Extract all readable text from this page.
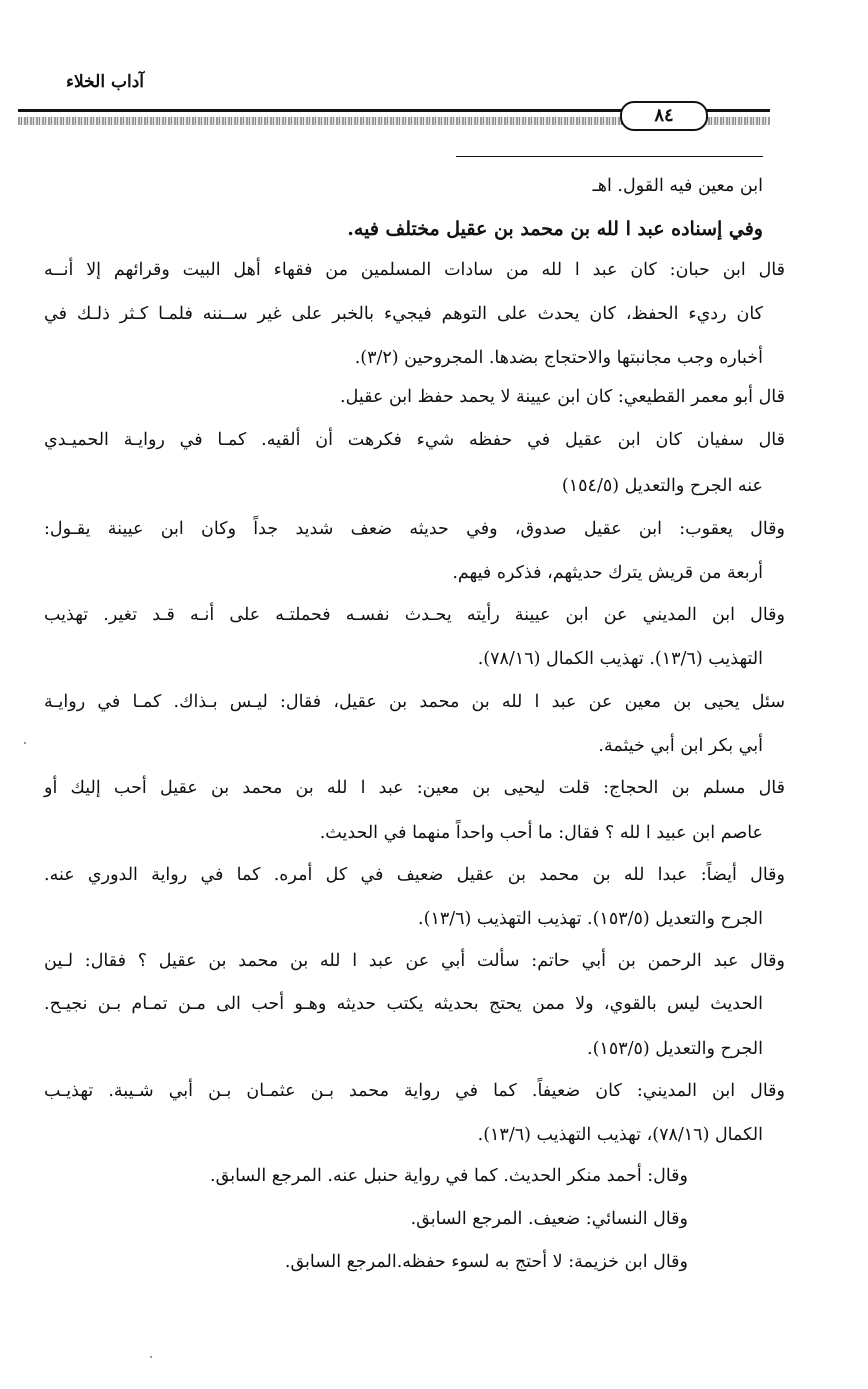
آداب الخلاء
٨٤
ابن معين فيه القول. اهـ
وفي إسناده عبد ا لله بن محمد بن عقيل مختلف فيه.
قال ابن حبان: كان عبد ا لله من سادات المسلمين من فقهاء أهل البيت وقرائهم إلا أنــه
كان رديء الحفظ، كان يحدث على التوهم فيجيء بالخبر على غير ســننه فلمـا كـثر ذلـك في
أخباره وجب مجانبتها والاحتجاج بضدها. المجروحين (٣/٢).
قال أبو معمر القطيعي: كان ابن عيينة لا يحمد حفظ ابن عقيل.
قال سفيان كان ابن عقيل في حفظه شيء فكرهت أن ألقيه. كمـا في روايـة الحميـدي
عنه الجرح والتعديل (١٥٤/٥)
وقال يعقوب: ابن عقيل صدوق، وفي حديثه ضعف شديد جداً وكان ابن عيينة يقـول:
أربعة من قريش يترك حديثهم، فذكره فيهم.
وقال ابن المديني عن ابن عيينة رأيته يحـدث نفسـه فحملتـه على أنـه قـد تغير. تهذيب
التهذيب (١٣/٦). تهذيب الكمال (٧٨/١٦).
سئل يحيى بن معين عن عبد ا لله بن محمد بن عقيل، فقال: ليـس بـذاك. كمـا في روايـة
أبي بكر ابن أبي خيثمة.
قال مسلم بن الحجاج: قلت ليحيى بن معين: عبد ا لله بن محمد بن عقيل أحب إليك أو
عاصم ابن عبيد ا لله ؟ فقال: ما أحب واحداً منهما في الحديث.
وقال أيضاً: عبدا لله بن محمد بن عقيل ضعيف في كل أمره. كما في رواية الدوري عنه.
الجرح والتعديل (١٥٣/٥). تهذيب التهذيب (١٣/٦).
وقال عبد الرحمن بن أبي حاتم: سألت أبي عن عبد ا لله بن محمد بن عقيل ؟ فقال: لـين
الحديث ليس بالقوي، ولا ممن يحتج بحديثه يكتب حديثه وهـو أحب الى مـن تمـام بـن نجيـح.
الجرح والتعديل (١٥٣/٥).
وقال ابن المديني: كان ضعيفاً. كما في رواية محمد بـن عثمـان بـن أبي شـيبة. تهذيـب
الكمال (٧٨/١٦)، تهذيب التهذيب (١٣/٦).
وقال: أحمد منكر الحديث. كما في رواية حنبل عنه. المرجع السابق.
وقال النسائي: ضعيف. المرجع السابق.
وقال ابن خزيمة: لا أحتج به لسوء حفظه.المرجع السابق.
